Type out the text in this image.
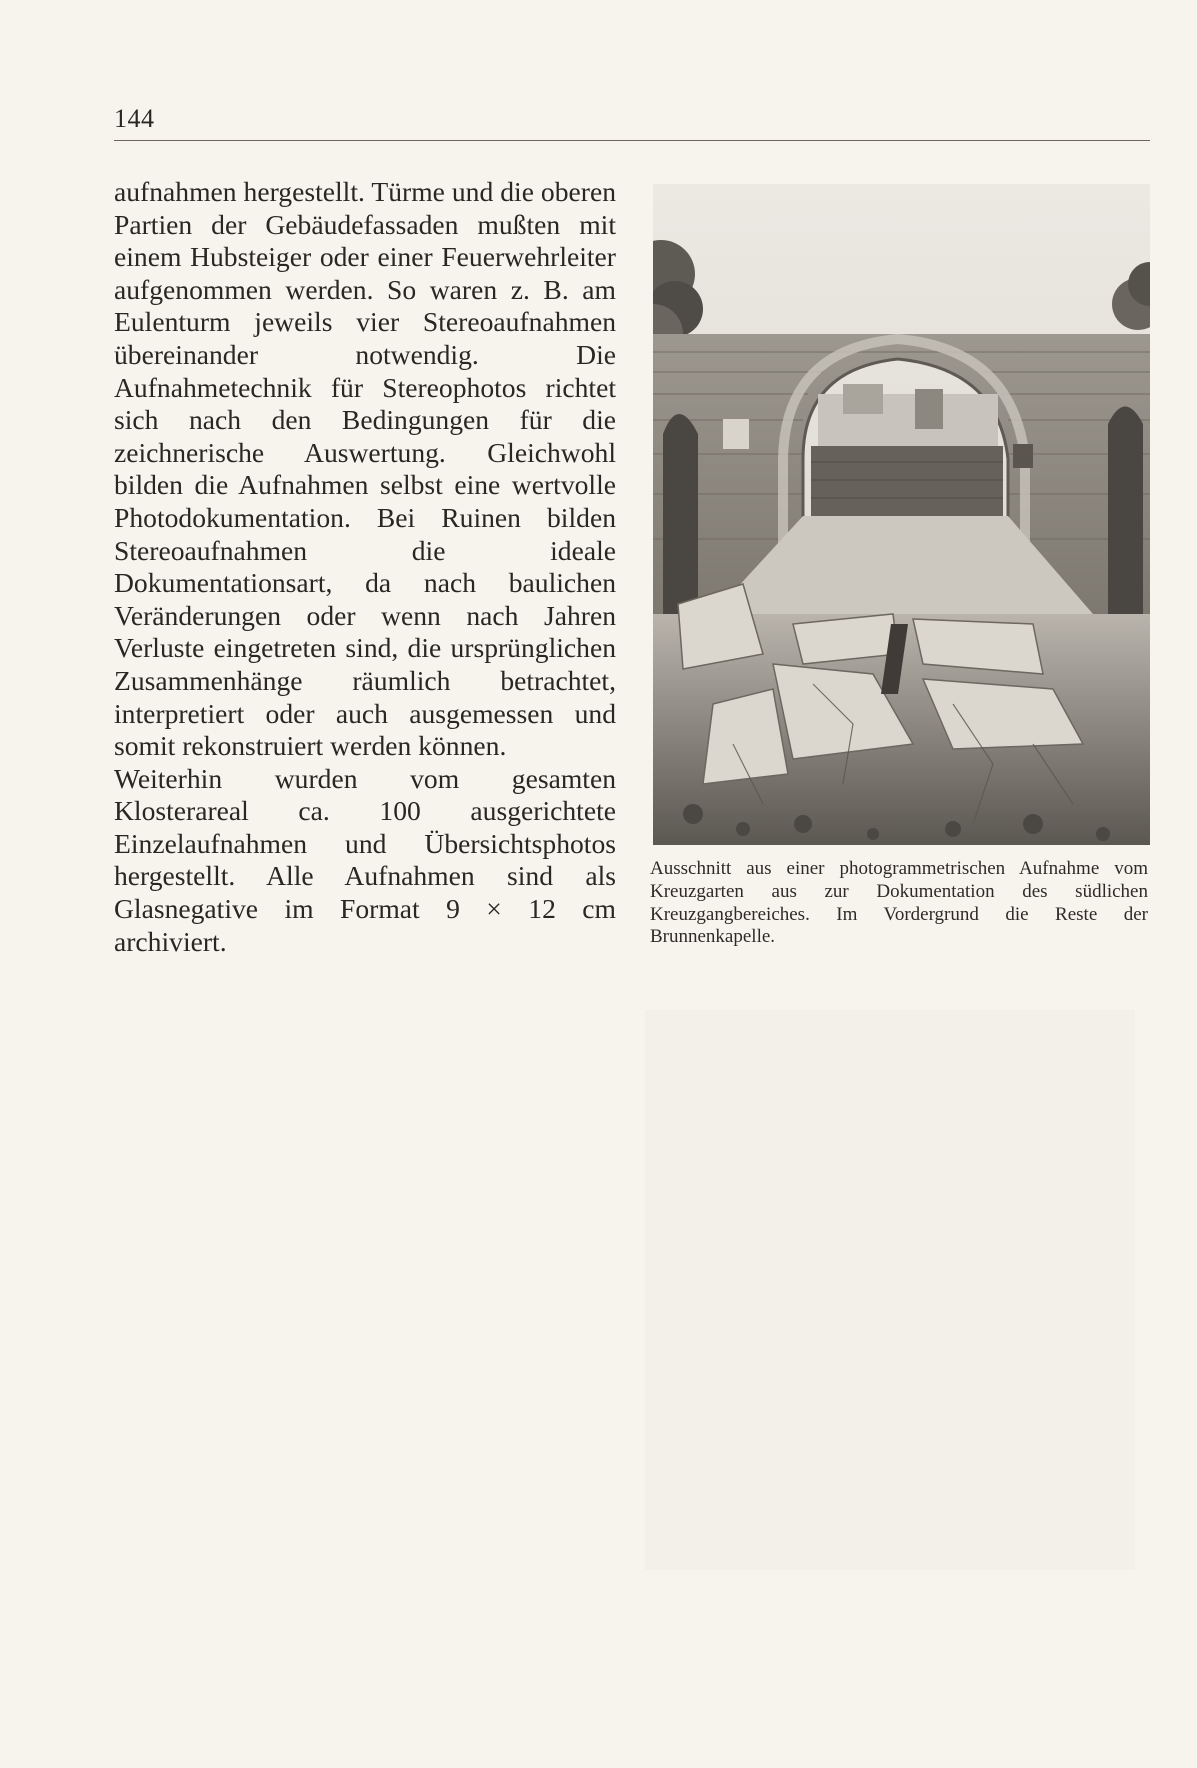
144

aufnahmen hergestellt. Türme und die oberen Partien der Gebäudefassaden mußten mit einem Hubsteiger oder einer Feuerwehrleiter aufgenommen werden. So waren z. B. am Eulenturm jeweils vier Stereoaufnahmen übereinander notwendig. Die Aufnahmetechnik für Stereophotos richtet sich nach den Bedingungen für die zeichnerische Auswertung. Gleichwohl bilden die Aufnahmen selbst eine wertvolle Photodokumentation. Bei Ruinen bilden Stereoaufnahmen die ideale Dokumentationsart, da nach baulichen Veränderungen oder wenn nach Jahren Verluste eingetreten sind, die ursprünglichen Zusammenhänge räumlich betrachtet, interpretiert oder auch ausgemessen und somit rekonstruiert werden können.

Weiterhin wurden vom gesamten Klosterareal ca. 100 ausgerichtete Einzelaufnahmen und Übersichtsphotos hergestellt. Alle Aufnahmen sind als Glasnegative im Format 9 × 12 cm archiviert.

Ausschnitt aus einer photogrammetrischen Aufnahme vom Kreuzgarten aus zur Dokumentation des südlichen Kreuzgangbereiches. Im Vordergrund die Reste der Brunnenkapelle.
